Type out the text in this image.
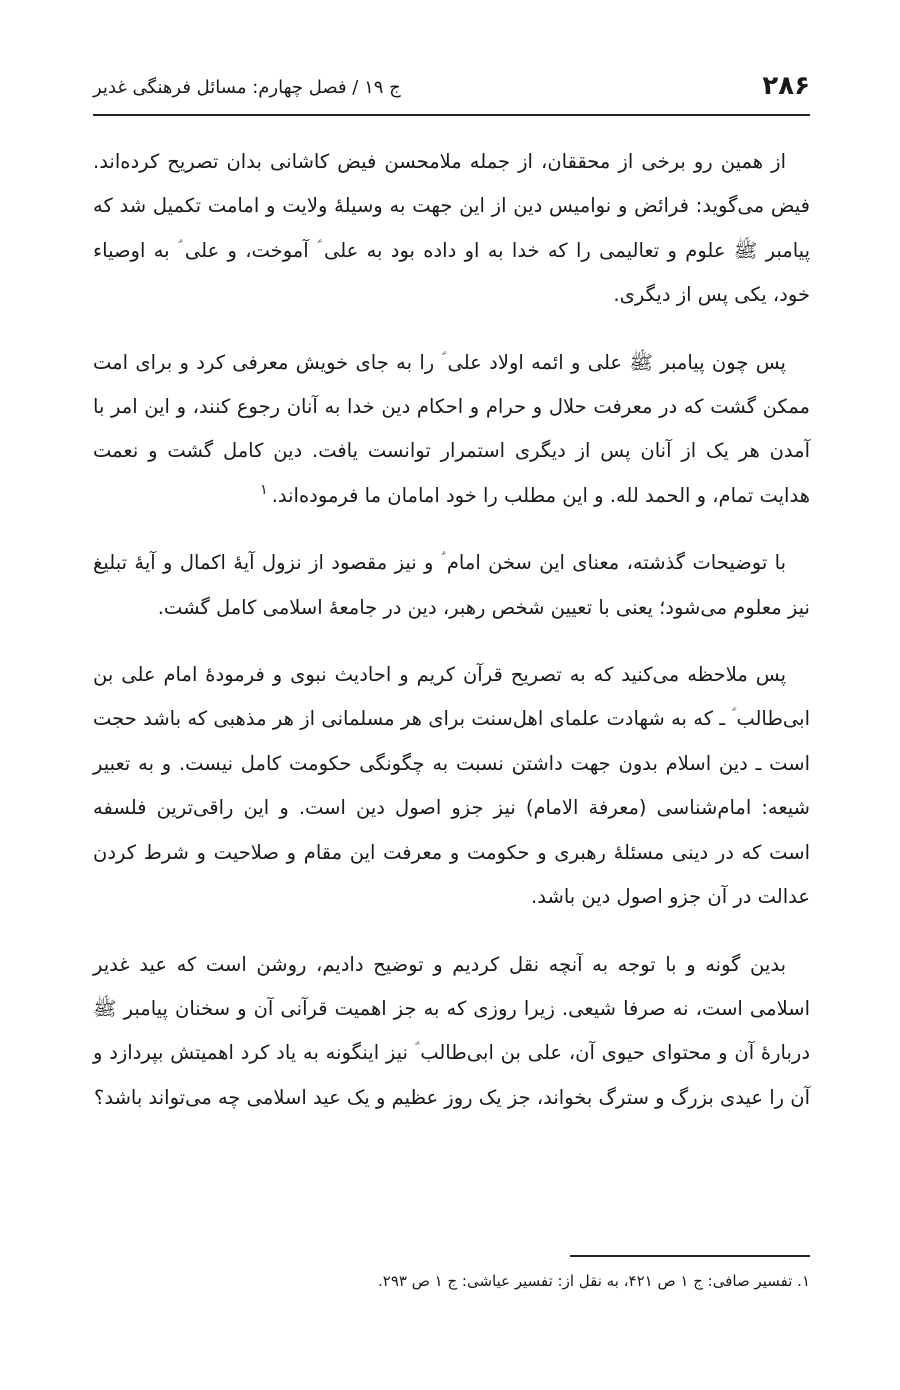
۲۸۶
ج ۱۹ / فصل چهارم: مسائل فرهنگی غدیر

از همین رو برخی از محققان، از جمله ملامحسن فیض کاشانی بدان تصریح کرده‌اند. فیض می‌گوید: فرائض و نوامیس دین از این جهت به وسیلهٔ ولایت و امامت تکمیل شد که پیامبر ﷺ علوم و تعالیمی را که خدا به او داده بود به علی ؑ آموخت، و علی ؑ به اوصیاء خود، یکی پس از دیگری.

پس چون پیامبر ﷺ علی و ائمه اولاد علی ؑ را به جای خویش معرفی کرد و برای امت ممکن گشت که در معرفت حلال و حرام و احکام دین خدا به آنان رجوع کنند، و این امر با آمدن هر یک از آنان پس از دیگری استمرار توانست یافت. دین کامل گشت و نعمت هدایت تمام، و الحمد لله. و این مطلب را خود امامان ما فرموده‌اند.$^۱$

با توضیحات گذشته، معنای این سخن امام ؑ و نیز مقصود از نزول آیهٔ اکمال و آیهٔ تبلیغ نیز معلوم می‌شود؛ یعنی با تعیین شخص رهبر، دین در جامعهٔ اسلامی کامل گشت.

پس ملاحظه می‌کنید که به تصریح قرآن کریم و احادیث نبوی و فرمودهٔ امام علی بن ابی‌طالب ؑ ـ که به شهادت علمای اهل‌سنت برای هر مسلمانی از هر مذهبی که باشد حجت است ـ دین اسلام بدون جهت داشتن نسبت به چگونگی حکومت کامل نیست. و به تعبیر شیعه: امام‌شناسی (معرفة الامام) نیز جزو اصول دین است. و این راقی‌ترین فلسفه است که در دینی مسئلهٔ رهبری و حکومت و معرفت این مقام و صلاحیت و شرط کردن عدالت در آن جزو اصول دین باشد.

بدین گونه و با توجه به آنچه نقل کردیم و توضیح دادیم، روشن است که عید غدیر اسلامی است، نه صرفا شیعی. زیرا روزی که به جز اهمیت قرآنی آن و سخنان پیامبر ﷺ دربارهٔ آن و محتوای حیوی آن، علی بن ابی‌طالب ؑ نیز اینگونه به یاد کرد اهمیتش بپردازد و آن را عیدی بزرگ و سترگ بخواند، جز یک روز عظیم و یک عید اسلامی چه می‌تواند باشد؟

۱. تفسیر صافی: ج ۱ ص ۴۲۱، به نقل از: تفسیر عیاشی: ج ۱ ص ۲۹۳.
